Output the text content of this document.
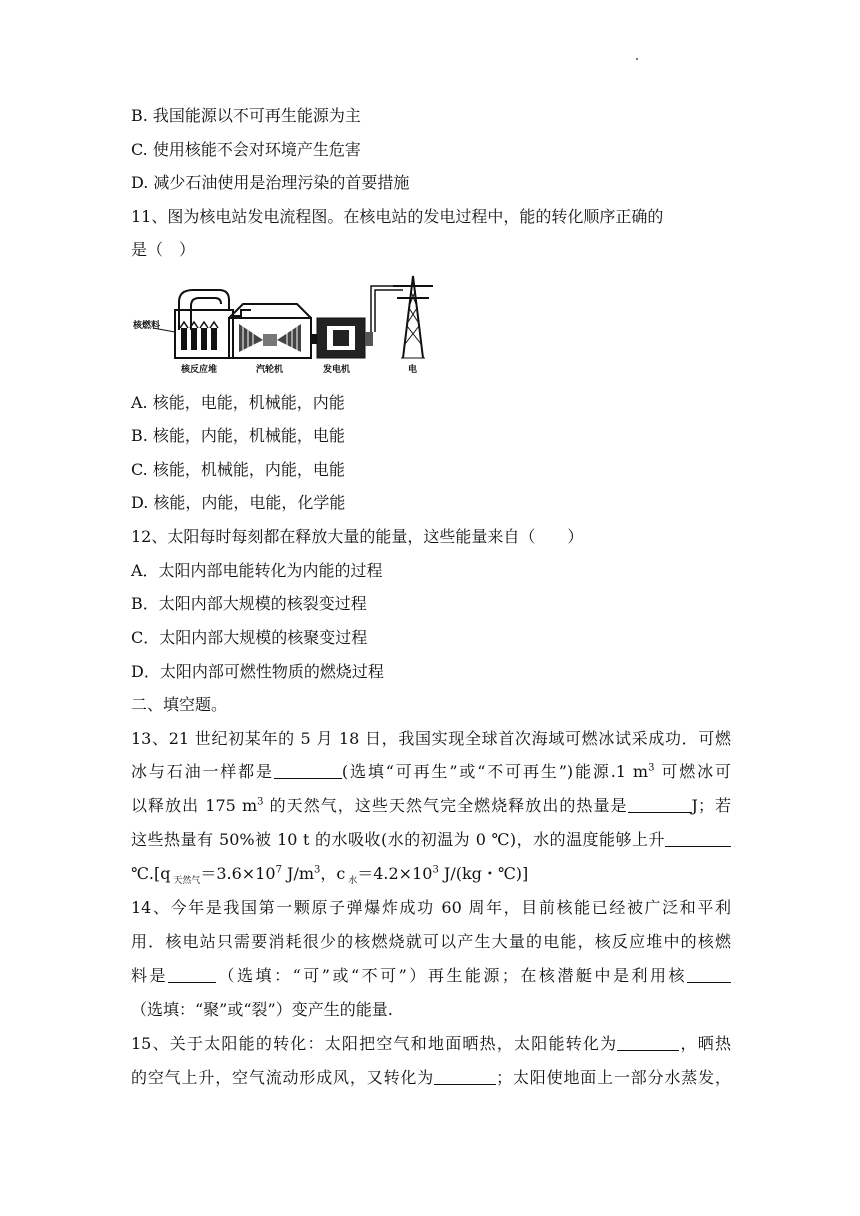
B. 我国能源以不可再生能源为主
C. 使用核能不会对环境产生危害
D. 减少石油使用是治理污染的首要措施
11、图为核电站发电流程图。在核电站的发电过程中，能的转化顺序正确的
是（　）
核燃料
核反应堆	汽轮机	发电机	电
A. 核能，电能，机械能，内能
B. 核能，内能，机械能，电能
C. 核能，机械能，内能，电能
D. 核能，内能，电能，化学能
12、太阳每时每刻都在释放大量的能量，这些能量来自（　　）
A．太阳内部电能转化为内能的过程
B．太阳内部大规模的核裂变过程
C．太阳内部大规模的核聚变过程
D．太阳内部可燃性物质的燃烧过程
二、填空题。
13、21 世纪初某年的 5 月 18 日，我国实现全球首次海域可燃冰试采成功．可燃
冰与石油一样都是	(选填“可再生”或“不可再生”)能源.1 $m^3$ 可燃冰可
以释放出 175 $m^3$ 的天然气，这些天然气完全燃烧释放出的热量是	J；若
这些热量有 50%被 10 t 的水吸收(水的初温为 0 ℃)，水的温度能够上升
℃.[q $_{天然气}=3.6\times 10^7$ $J/m^3$，c $_水=4.2\times 10^3$ J/(kg・℃)]
14、今年是我国第一颗原子弹爆炸成功 60 周年，目前核能已经被广泛和平利
用．核电站只需要消耗很少的核燃烧就可以产生大量的电能，核反应堆中的核燃
料是	（选填：“可”或“不可”）再生能源；在核潜艇中是利用核
（选填：“聚”或“裂”）变产生的能量.
15、关于太阳能的转化：太阳把空气和地面晒热，太阳能转化为	，晒热
的空气上升，空气流动形成风，又转化为	；太阳使地面上一部分水蒸发，
